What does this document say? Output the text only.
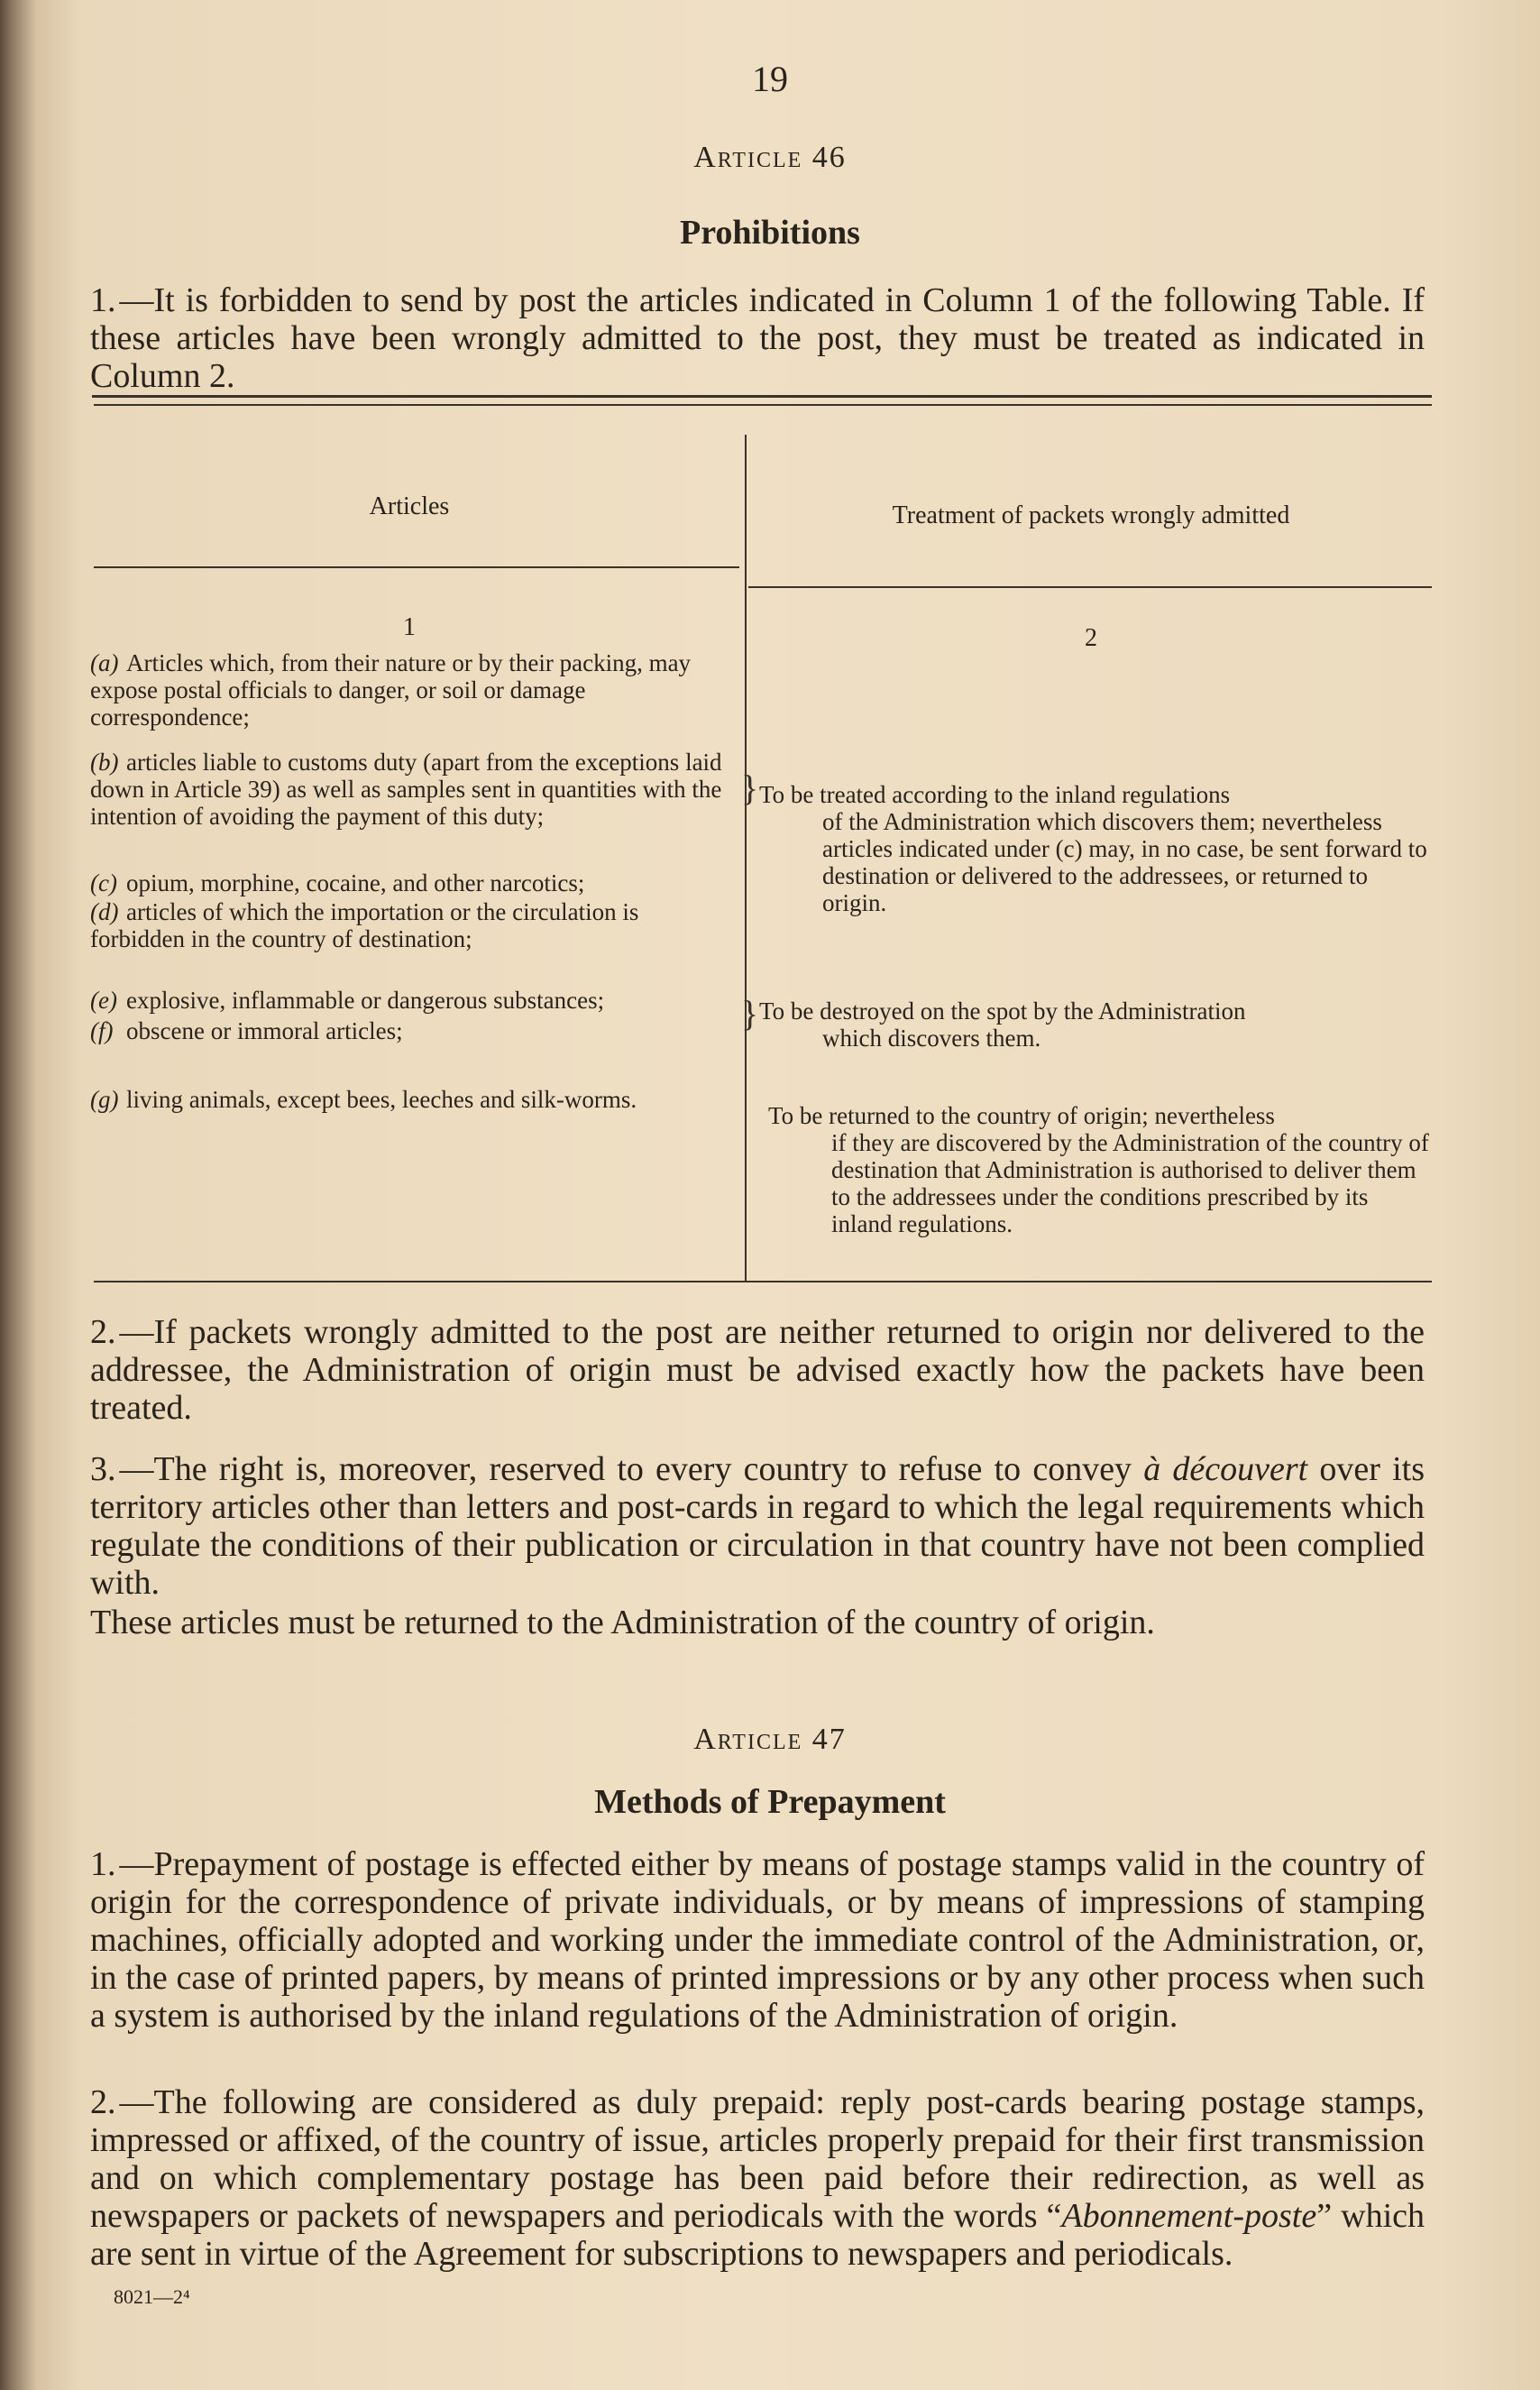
19
Article 46
Prohibitions
1. —It is forbidden to send by post the articles indicated in Column 1 of the following Table. If these articles have been wrongly admitted to the post, they must be treated as indicated in Column 2.
Articles	Treatment of packets wrongly admitted
1	2
(a) Articles which, from their nature or by their packing, may expose postal officials to danger, or soil or damage correspondence;
(b) articles liable to customs duty (apart from the exceptions laid down in Article 39) as well as samples sent in quantities with the intention of avoiding the payment of this duty;
(c) opium, morphine, cocaine, and other narcotics;
(d) articles of which the importation or the circulation is forbidden in the country of destination;
(e) explosive, inflammable or dangerous substances;
(f) obscene or immoral articles;
(g) living animals, except bees, leeches and silk-worms.
}
}
To be treated according to the inland regulations
of the Administration which discovers them; nevertheless articles indicated under (c) may, in no case, be sent forward to destination or delivered to the addressees, or returned to origin.
To be destroyed on the spot by the Administration
which discovers them.
To be returned to the country of origin; nevertheless
if they are discovered by the Administration of the country of destination that Administration is authorised to deliver them to the addressees under the conditions prescribed by its inland regulations.
2. —If packets wrongly admitted to the post are neither returned to origin nor delivered to the addressee, the Administration of origin must be advised exactly how the packets have been treated.
3. —The right is, moreover, reserved to every country to refuse to convey à découvert over its territory articles other than letters and post-cards in regard to which the legal requirements which regulate the conditions of their publication or circulation in that country have not been complied with.
These articles must be returned to the Administration of the country of origin.
Article 47
Methods of Prepayment
1. —Prepayment of postage is effected either by means of postage stamps valid in the country of origin for the correspondence of private individuals, or by means of impressions of stamping machines, officially adopted and working under the immediate control of the Administration, or, in the case of printed papers, by means of printed impressions or by any other process when such a system is authorised by the inland regulations of the Administration of origin.
2. —The following are considered as duly prepaid: reply post-cards bearing postage stamps, impressed or affixed, of the country of issue, articles properly prepaid for their first transmission and on which complementary postage has been paid before their redirection, as well as newspapers or packets of newspapers and periodicals with the words “Abonnement-poste” which are sent in virtue of the Agreement for subscriptions to newspapers and periodicals.
8021—2⁴
